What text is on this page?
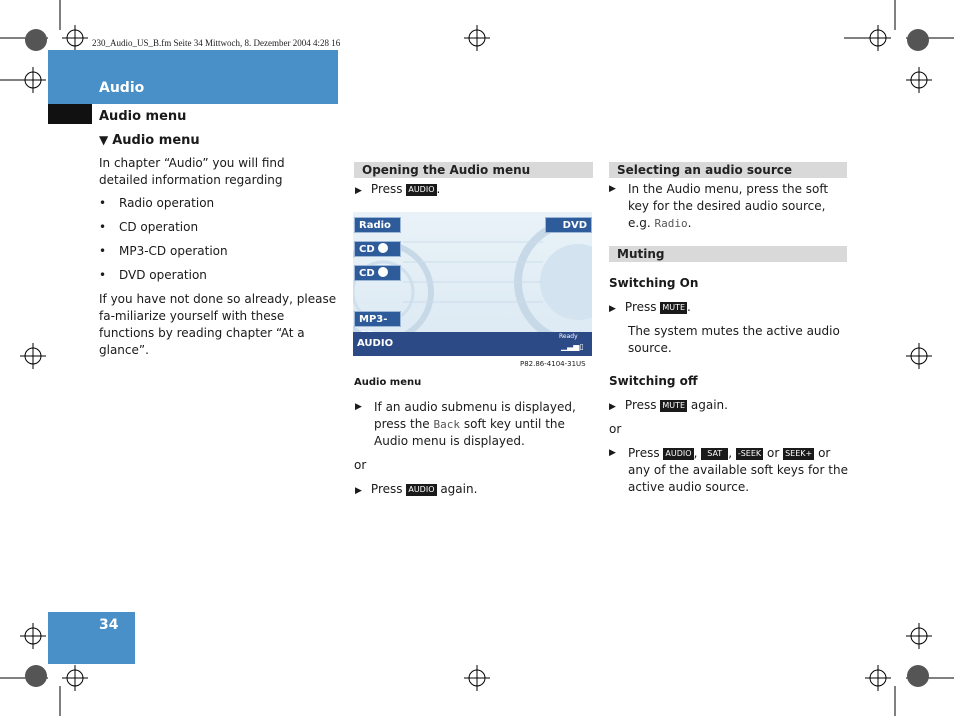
230_Audio_US_B.fm Seite 34 Mittwoch, 8. Dezember 2004 4:28 16
Audio
Audio menu
▼ Audio menu
In chapter “Audio” you will find detailed information regarding
• Radio operation
• CD operation
• MP3-CD operation
• DVD operation
If you have not done so already, please fa-miliarize yourself with these functions by reading chapter “At a glance”.
Opening the Audio menu
▶ Press AUDIO .
Radio	DVD
CD
CD
MP3-
AUDIO
Ready
▁▃▅▯
P82.86-4104-31US
Audio menu
▶ If an audio submenu is displayed, press the Back soft key until the Audio menu is displayed.
or
▶ Press AUDIO again.
Selecting an audio source
▶ In the Audio menu, press the soft key for the desired audio source, e.g. Radio.
Muting
Switching On
▶ Press MUTE .
The system mutes the active audio source.
Switching off
▶ Press MUTE again.
or
▶ Press AUDIO , SAT , -SEEK or SEEK+ or any of the available soft keys for the active audio source.
34
